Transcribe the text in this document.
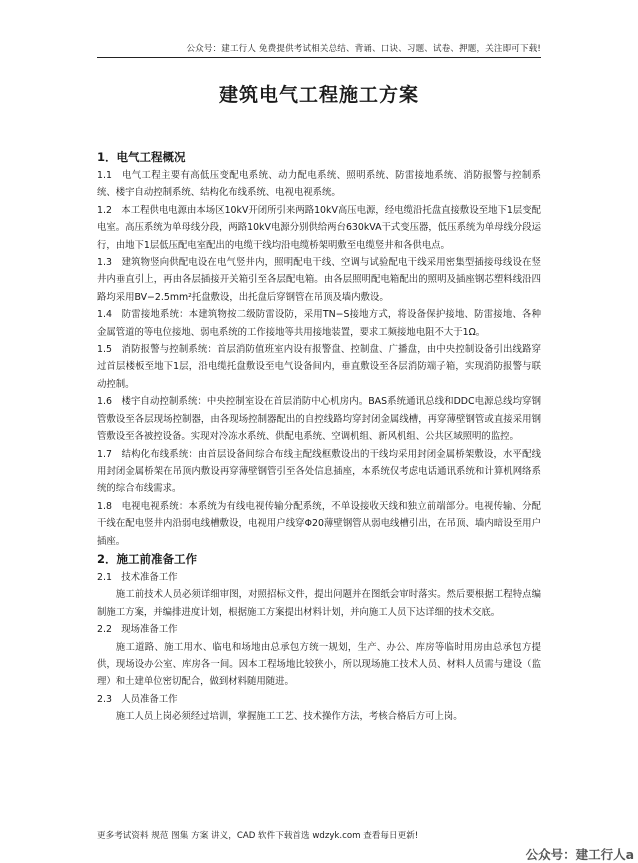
公众号：建工行人 免费提供考试相关总结、背诵、口诀、习题、试卷、押题，关注即可下载!
建筑电气工程施工方案

1．电气工程概况

1.1　电气工程主要有高低压变配电系统、动力配电系统、照明系统、防雷接地系统、消防报警与控制系统、楼宇自动控制系统、结构化布线系统、电视电视系统。

1.2　本工程供电电源由本场区10kV开闭所引来两路10kV高压电源，经电缆沿托盘直接敷设至地下1层变配电室。高压系统为单母线分段，两路10kV电源分别供给两台630kVA干式变压器，低压系统为单母线分段运行，由地下1层低压配电室配出的电缆干线均沿电缆桥架明敷至电缆竖井和各供电点。

1.3　建筑物竖向供配电设在电气竖井内，照明配电干线、空调与试验配电干线采用密集型插接母线设在竖井内垂直引上，再由各层插接开关箱引至各层配电箱。由各层照明配电箱配出的照明及插座钢芯塑料线沿四路均采用BV−2.5mm²托盘敷设，出托盘后穿钢管在吊顶及墙内敷设。

1.4　防雷接地系统：本建筑物按二级防雷设防，采用TN−S接地方式，将设备保护接地、防雷接地、各种金属管道的等电位接地、弱电系统的工作接地等共用接地装置，要求工频接地电阻不大于1Ω。

1.5　消防报警与控制系统：首层消防值班室内设有报警盘、控制盘、广播盘，由中央控制设备引出线路穿过首层楼板至地下1层，沿电缆托盘敷设至电气设备间内，垂直敷设至各层消防端子箱，实现消防报警与联动控制。

1.6　楼宇自动控制系统：中央控制室设在首层消防中心机房内。BAS系统通讯总线和DDC电源总线均穿钢管敷设至各层现场控制器，由各现场控制器配出的自控线路均穿封闭金属线槽，再穿薄壁钢管或直接采用钢管敷设至各被控设备。实现对冷冻水系统、供配电系统、空调机组、新风机组、公共区域照明的监控。

1.7　结构化布线系统：由首层设备间综合布线主配线框敷设出的干线均采用封闭金属桥架敷设，水平配线用封闭金属桥架在吊顶内敷设再穿薄壁钢管引至各处信息插座，本系统仅考虑电话通讯系统和计算机网络系统的综合布线需求。

1.8　电视电视系统：本系统为有线电视传输分配系统，不单设接收天线和独立前端部分。电视传输、分配干线在配电竖井内沿弱电线槽敷设，电视用户线穿Φ20薄壁钢管从弱电线槽引出，在吊顶、墙内暗设至用户插座。

2．施工前准备工作

2.1　技术准备工作

施工前技术人员必须详细审图，对照招标文件，提出问题并在图纸会审时落实。然后要根据工程特点编制施工方案，并编排进度计划，根据施工方案提出材料计划，并向施工人员下达详细的技术交底。

2.2　现场准备工作

施工道路、施工用水、临电和场地由总承包方统一规划，生产、办公、库房等临时用房由总承包方提供，现场设办公室、库房各一间。因本工程场地比较狭小，所以现场施工技术人员、材料人员需与建设（监理）和土建单位密切配合，做到材料随用随进。

2.3　人员准备工作

施工人员上岗必须经过培训，掌握施工工艺、技术操作方法，考核合格后方可上岗。

更多考试资料 规范 图集 方案 讲义，CAD 软件下载首选 wdzyk.com 查看每日更新!
公众号：建工行人a
